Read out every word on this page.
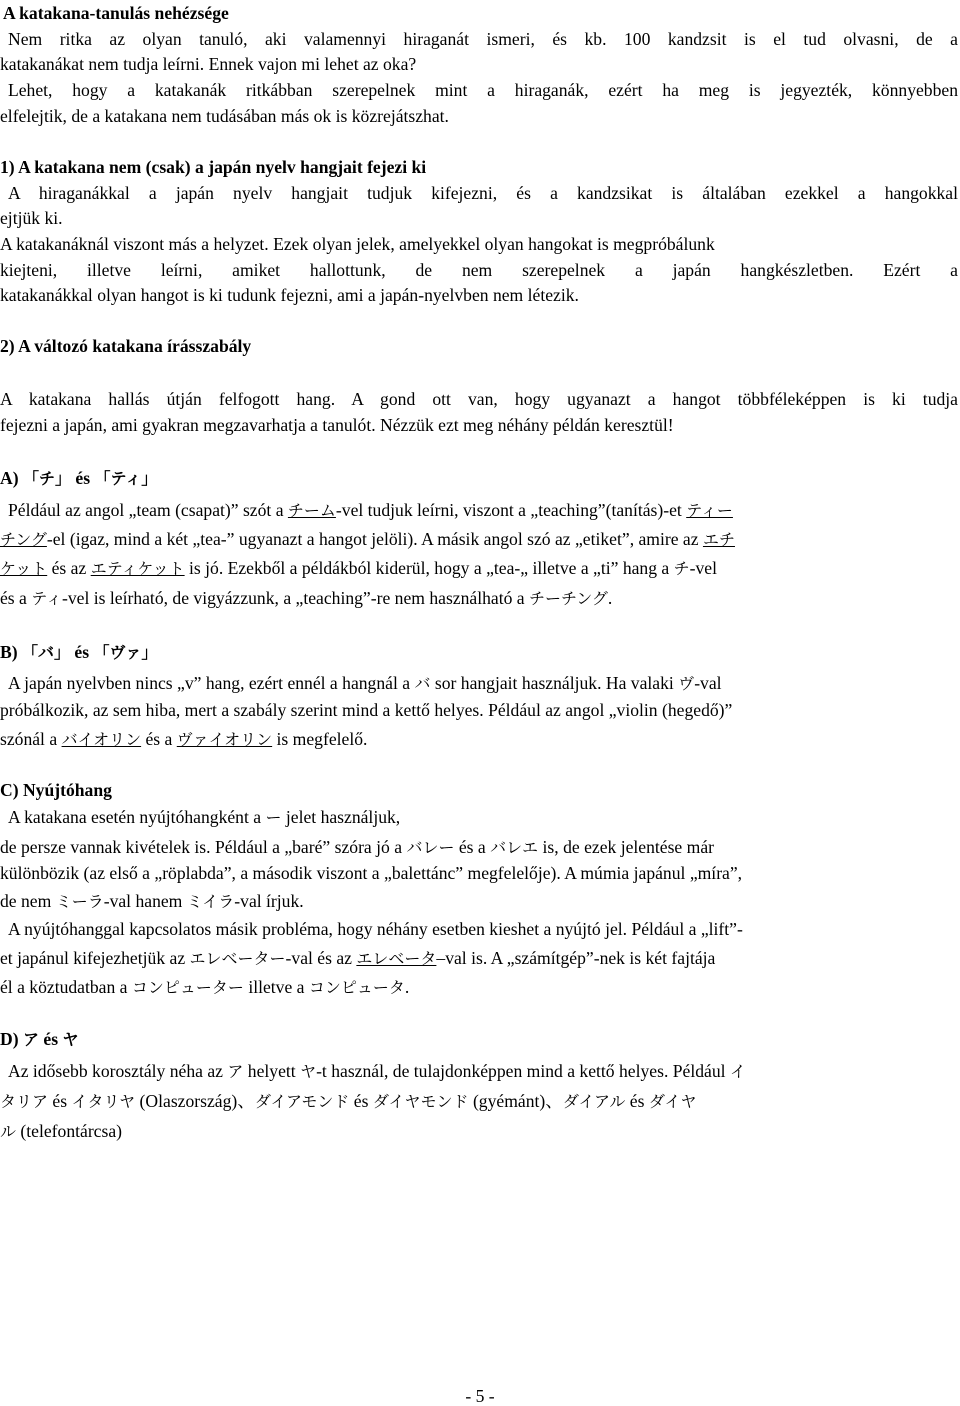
A katakana-tanulás nehézsége
Nem ritka az olyan tanuló, aki valamennyi hiraganát ismeri, és kb. 100 kandzsit is el tud olvasni, de a
katakanákat nem tudja leírni. Ennek vajon mi lehet az oka?
Lehet, hogy a katakanák ritkábban szerepelnek mint a hiraganák, ezért ha meg is jegyezték, könnyebben
elfelejtik, de a katakana nem tudásában más ok is közrejátszhat.
1) A katakana nem (csak) a japán nyelv hangjait fejezi ki
A hiraganákkal a japán nyelv hangjait tudjuk kifejezni, és a kandzsikat is általában ezekkel a hangokkal
ejtjük ki.
A katakanáknál viszont más a helyzet. Ezek olyan jelek, amelyekkel olyan hangokat is megpróbálunk
kiejteni, illetve leírni, amiket hallottunk, de nem szerepelnek a japán hangkészletben. Ezért a
katakanákkal olyan hangot is ki tudunk fejezni, ami a japán-nyelvben nem létezik.
2) A változó katakana írásszabály
A katakana hallás útján felfogott hang. A gond ott van, hogy ugyanazt a hangot többféleképpen is ki tudja
fejezni a japán, ami gyakran megzavarhatja a tanulót. Nézzük ezt meg néhány példán keresztül!
A) 「チ」 és 「ティ」
Például az angol „team (csapat)” szót a チーム-vel tudjuk leírni, viszont a „teaching”(tanítás)-et ティー
チング-el (igaz, mind a két „tea-” ugyanazt a hangot jelöli). A másik angol szó az „etiket”, amire az エチ
ケット és az エティケット is jó. Ezekből a példákból kiderül, hogy a „tea-„ illetve a „ti” hang a チ-vel
és a ティ-vel is leírható, de vigyázzunk, a „teaching”-re nem használható a チーチング.
B) 「バ」 és 「ヴァ」
A japán nyelvben nincs „v” hang, ezért ennél a hangnál a バ sor hangjait használjuk. Ha valaki ヴ-val
próbálkozik, az sem hiba, mert a szabály szerint mind a kettő helyes. Például az angol „violin (hegedő)”
szónál a バイオリン és a ヴァイオリン is megfelelő.
C) Nyújtóhang
A katakana esetén nyújtóhangként a ー jelet használjuk,
de persze vannak kivételek is. Például a „baré” szóra jó a バレー és a バレエ is, de ezek jelentése már
különbözik (az első a „röplabda”, a második viszont a „balettánc” megfelelője). A múmia japánul „míra”,
de nem ミーラ-val hanem ミイラ-val írjuk.
A nyújtóhanggal kapcsolatos másik probléma, hogy néhány esetben kieshet a nyújtó jel. Például a „lift”-
et japánul kifejezhetjük az エレベーター-val és az エレベータ–val is. A „számítgép”-nek is két fajtája
él a köztudatban a コンピューター illetve a コンピュータ.
D) ア és ヤ
Az idősebb korosztály néha az ア helyett ヤ-t használ, de tulajdonképpen mind a kettő helyes. Például イ
タリア és イタリヤ (Olaszország)、ダイアモンド és ダイヤモンド (gyémánt)、ダイアル és ダイヤ
ル (telefontárcsa)
- 5 -
